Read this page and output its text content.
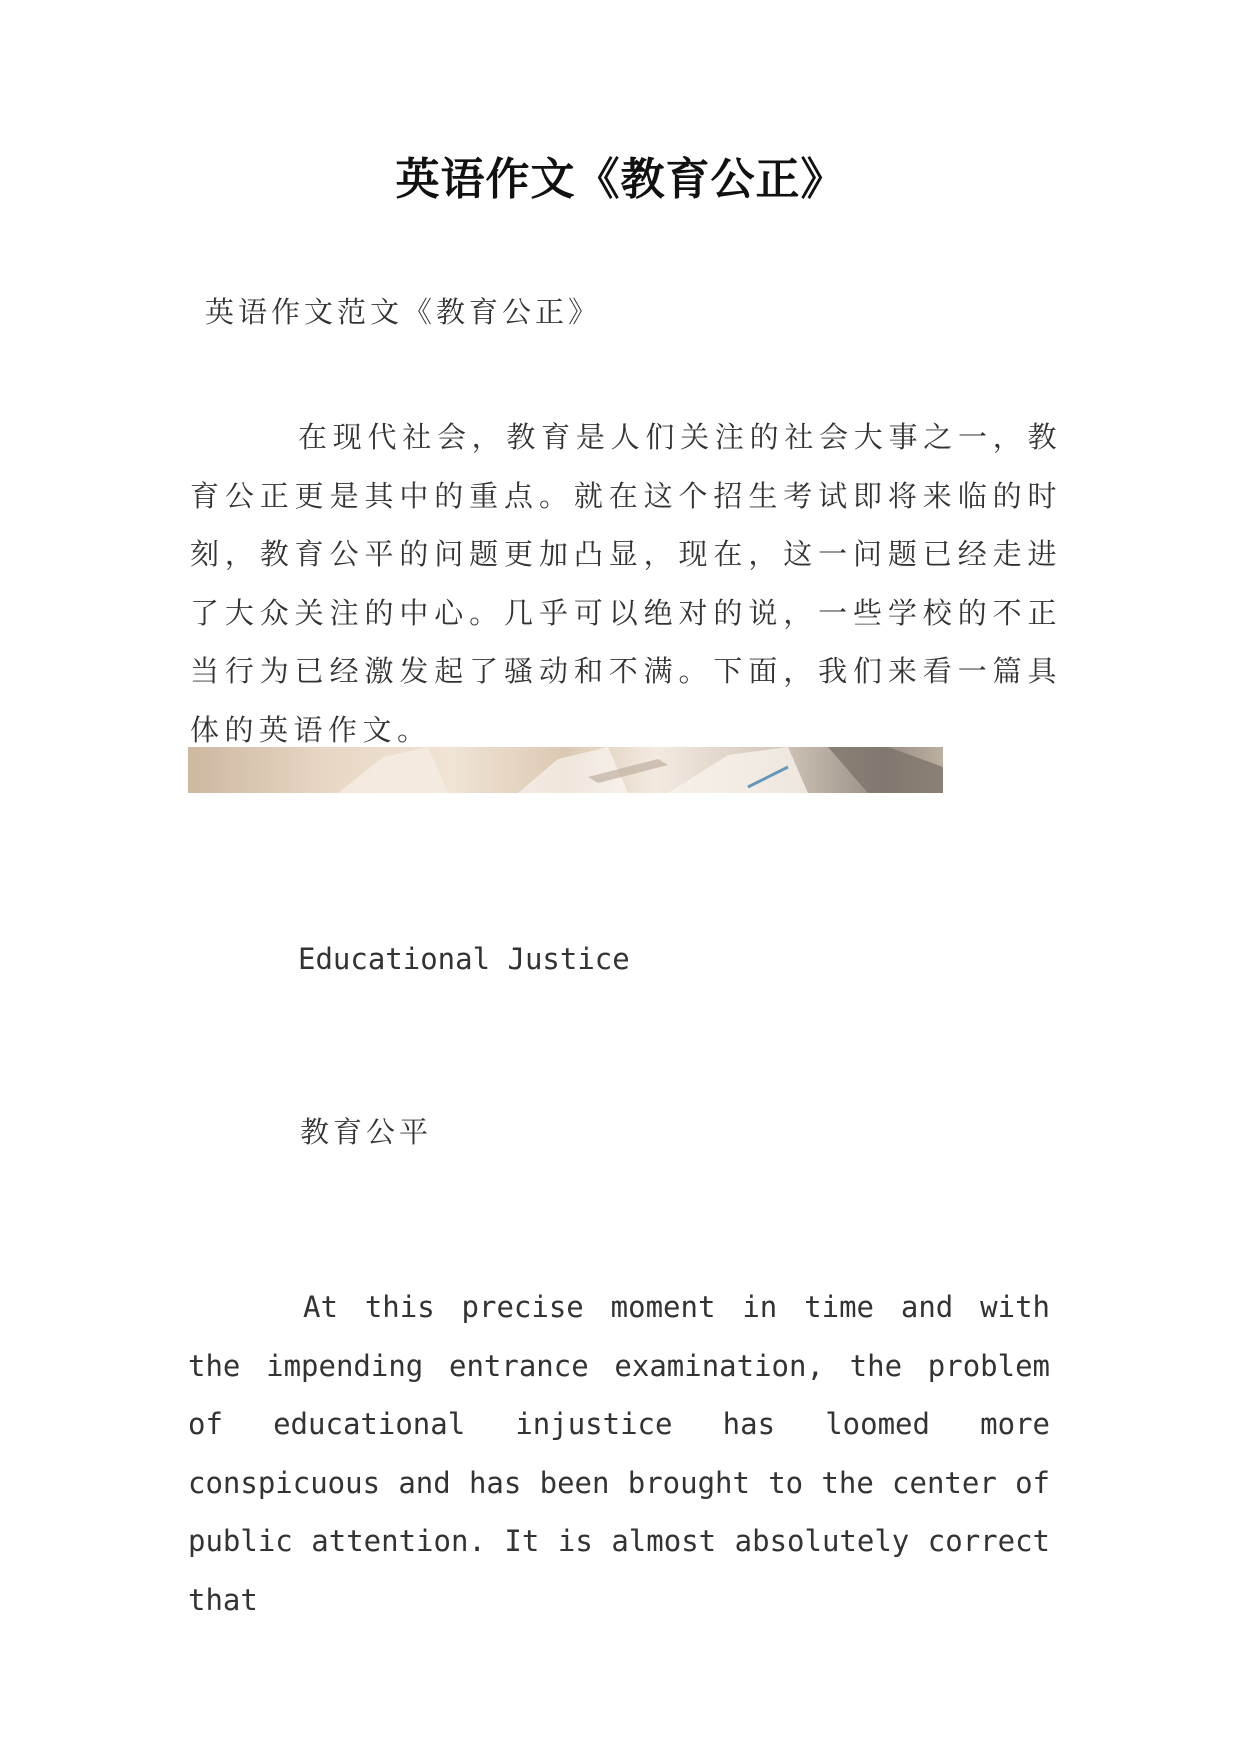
英语作文《教育公正》
英语作文范文《教育公正》
在现代社会，教育是人们关注的社会大事之一，教育公正更是其中的重点。就在这个招生考试即将来临的时刻，教育公平的问题更加凸显，现在，这一问题已经走进了大众关注的中心。几乎可以绝对的说，一些学校的不正当行为已经激发起了骚动和不满。下面，我们来看一篇具体的英语作文。
Educational Justice
教育公平
At this precise moment in time and with the impending entrance examination, the problem of educational injustice has loomed more conspicuous and has been brought to the center of public attention. It is almost absolutely correct that
